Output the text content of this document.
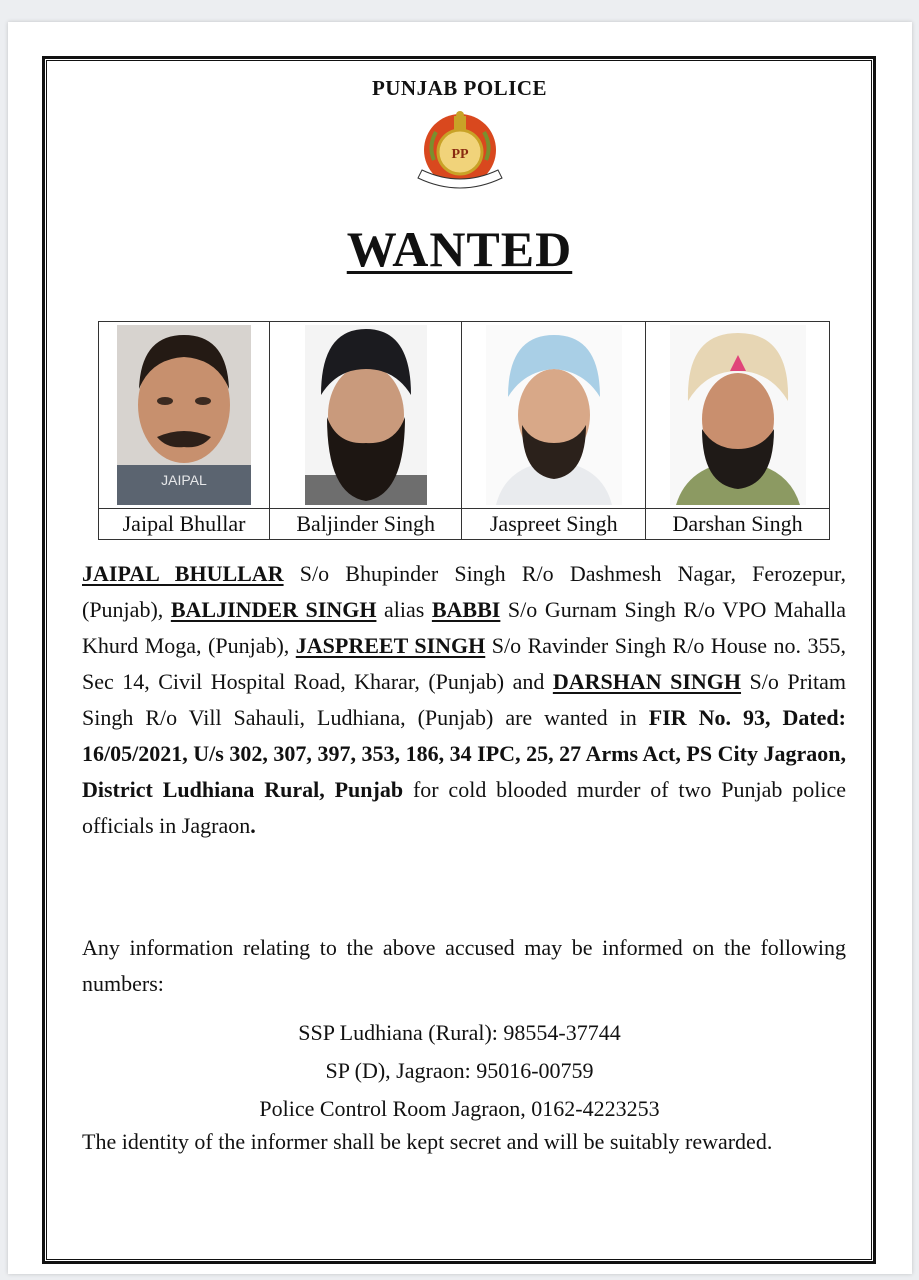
PUNJAB POLICE
PP
WANTED
JAIPAL

Jaipal Bhullar	Baljinder Singh	Jaspreet Singh	Darshan Singh
JAIPAL BHULLAR S/o Bhupinder Singh R/o Dashmesh Nagar, Ferozepur, (Punjab), BALJINDER SINGH alias BABBI S/o Gurnam Singh R/o VPO Mahalla Khurd Moga, (Punjab), JASPREET SINGH S/o Ravinder Singh R/o House no. 355, Sec 14, Civil Hospital Road, Kharar, (Punjab) and DARSHAN SINGH S/o Pritam Singh R/o Vill Sahauli, Ludhiana, (Punjab) are wanted in FIR No. 93, Dated: 16/05/2021, U/s 302, 307, 397, 353, 186, 34 IPC, 25, 27 Arms Act, PS City Jagraon, District Ludhiana Rural, Punjab for cold blooded murder of two Punjab police officials in Jagraon.
Any information relating to the above accused may be informed on the following numbers:
SSP Ludhiana (Rural): 98554-37744
SP (D), Jagraon: 95016-00759
Police Control Room Jagraon, 0162-4223253
The identity of the informer shall be kept secret and will be suitably rewarded.
